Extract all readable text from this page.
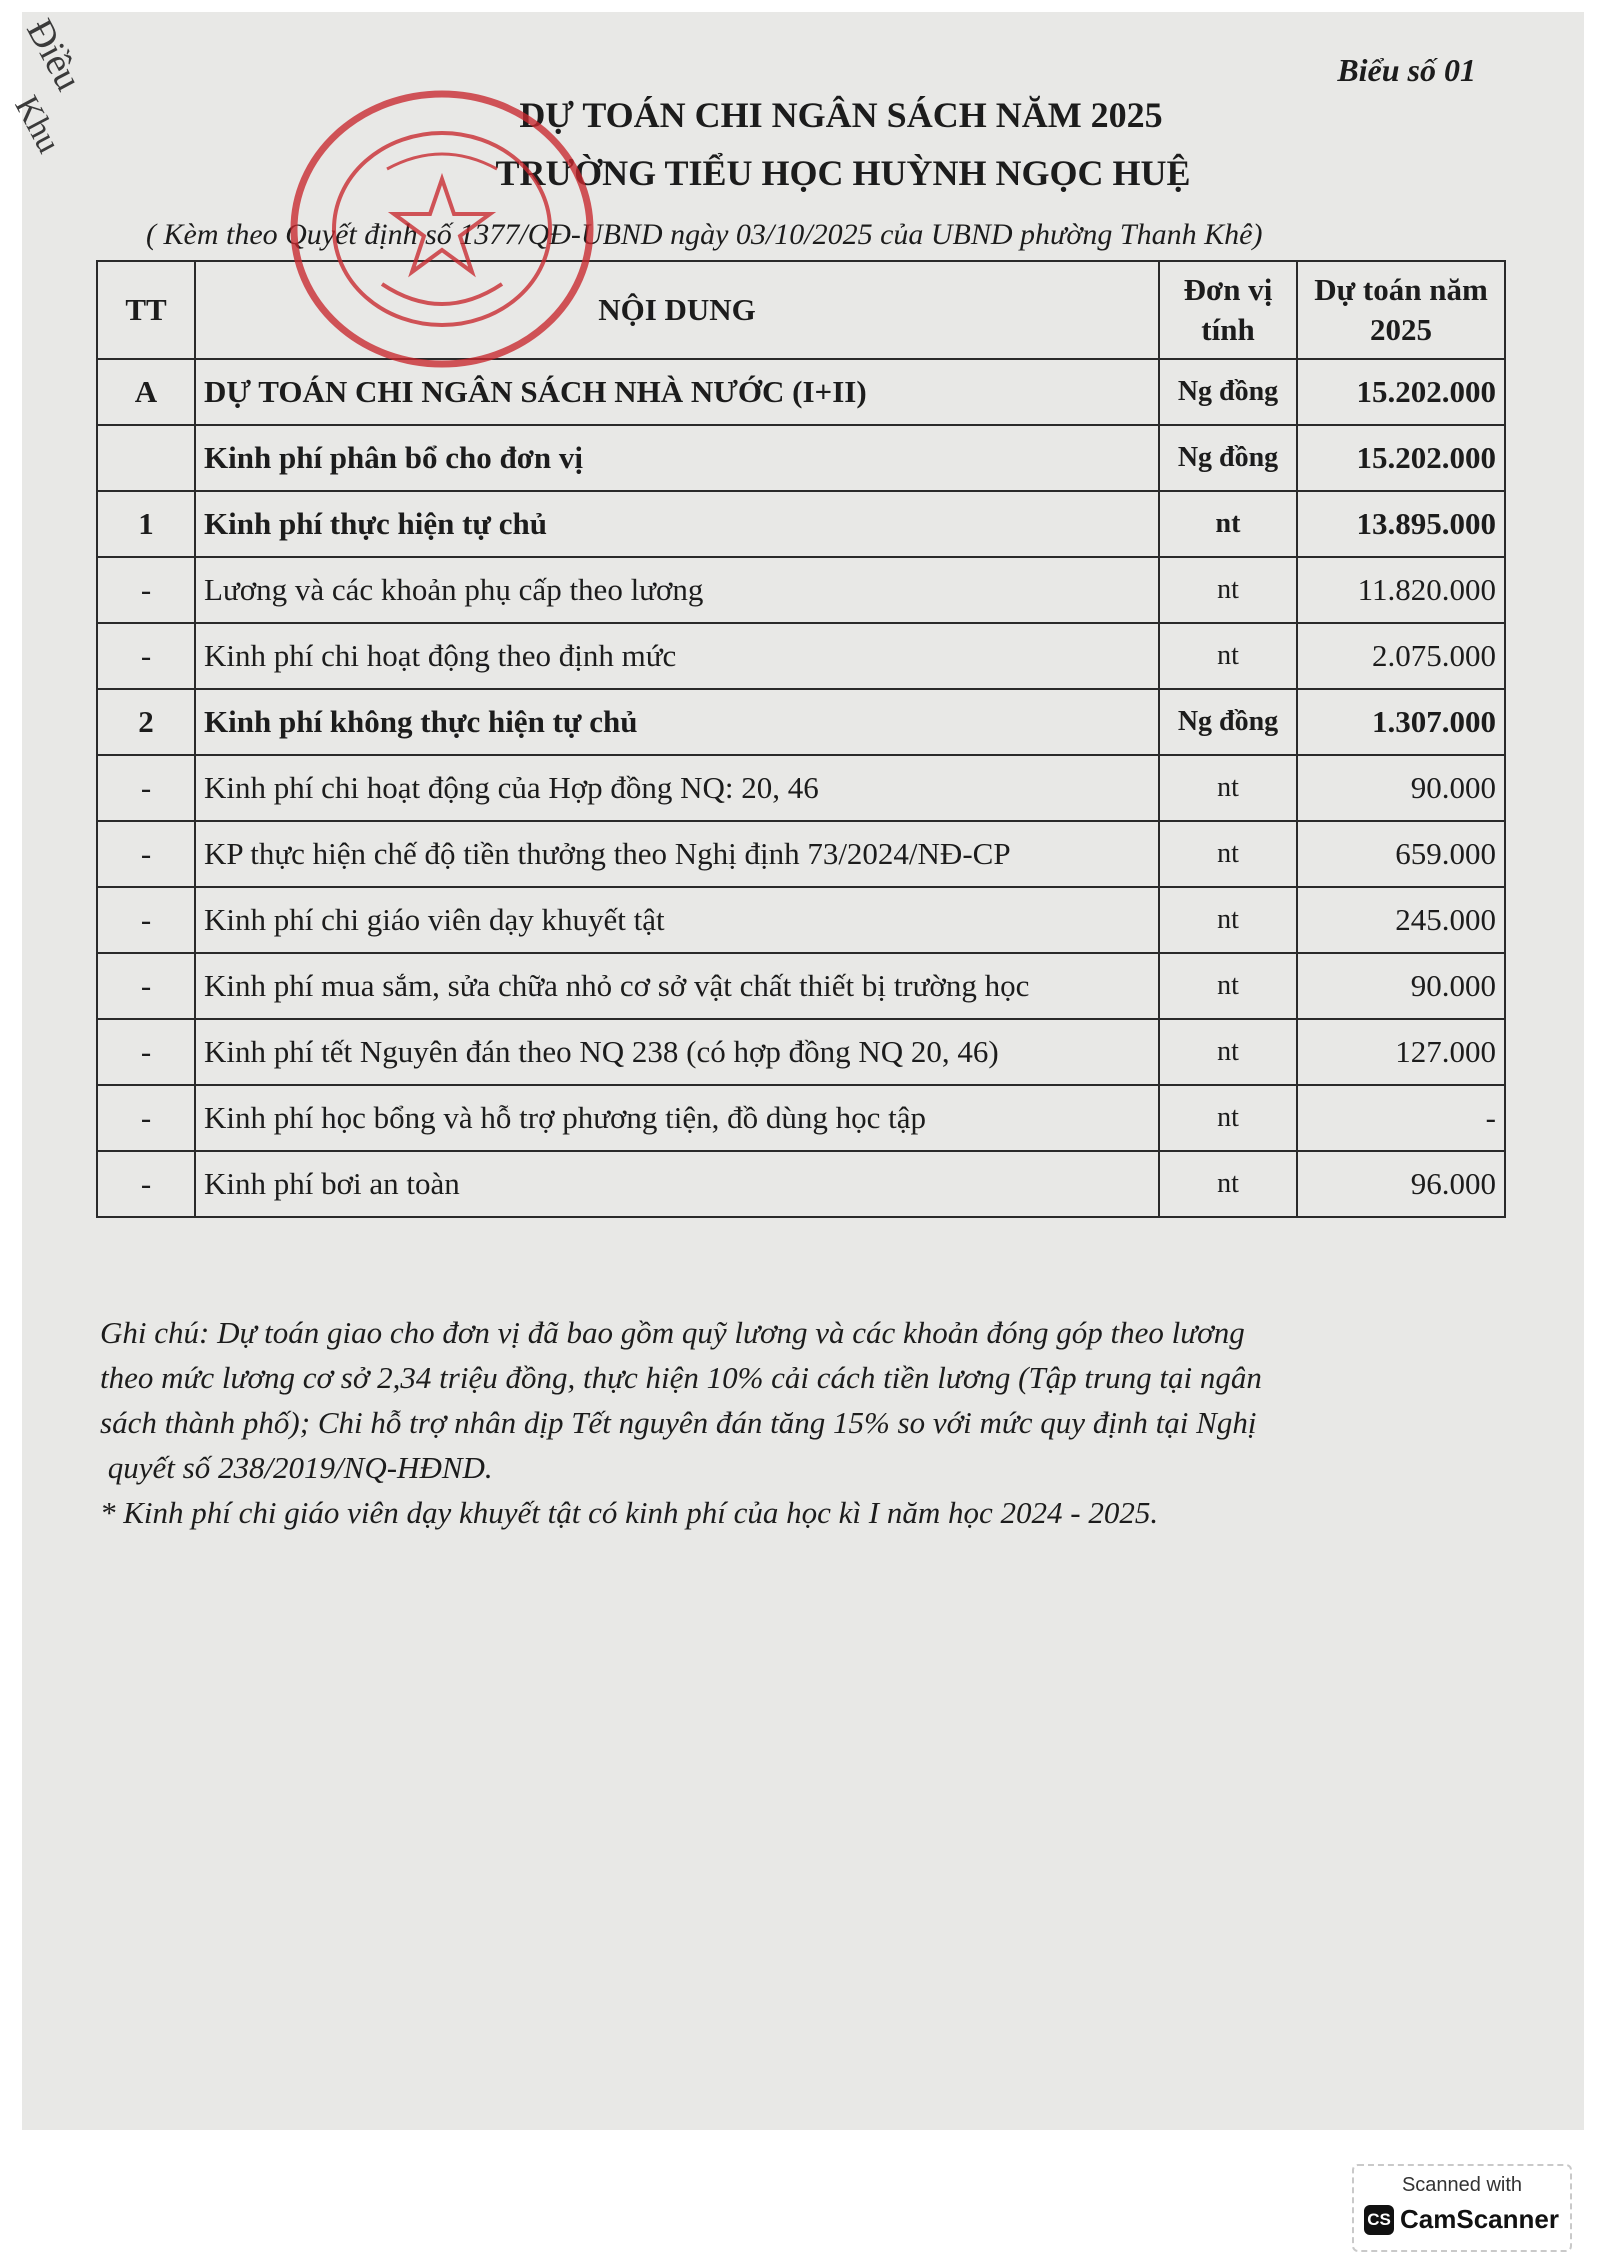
Điều
Khu
Biểu số 01
DỰ TOÁN CHI NGÂN SÁCH NĂM 2025
TRƯỜNG TIỂU HỌC HUỲNH NGỌC HUỆ
( Kèm theo Quyết định số 1377/QĐ-UBND ngày 03/10/2025 của UBND phường Thanh Khê)
TT	NỘI DUNG	Đơn vị tính	Dự toán năm 2025
A	DỰ TOÁN CHI NGÂN SÁCH NHÀ NƯỚC (I+II)	Ng đồng	15.202.000
	Kinh phí phân bổ cho đơn vị	Ng đồng	15.202.000
1	Kinh phí thực hiện tự chủ	nt	13.895.000
-	Lương và các khoản phụ cấp theo lương	nt	11.820.000
-	Kinh phí chi hoạt động theo định mức	nt	2.075.000
2	Kinh phí không thực hiện tự chủ	Ng đồng	1.307.000
-	Kinh phí chi hoạt động của Hợp đồng NQ: 20, 46	nt	90.000
-	KP thực hiện chế độ tiền thưởng theo Nghị định 73/2024/NĐ-CP	nt	659.000
-	Kinh phí chi giáo viên dạy khuyết tật	nt	245.000
-	Kinh phí mua sắm, sửa chữa nhỏ cơ sở vật chất thiết bị trường học	nt	90.000
-	Kinh phí tết Nguyên đán theo NQ 238 (có hợp đồng NQ 20, 46)	nt	127.000
-	Kinh phí học bổng và hỗ trợ phương tiện, đồ dùng học tập	nt	-
-	Kinh phí bơi an toàn	nt	96.000

Ghi chú: Dự toán giao cho đơn vị đã bao gồm quỹ lương và các khoản đóng góp theo lương

theo mức lương cơ sở 2,34 triệu đồng, thực hiện 10% cải cách tiền lương (Tập trung tại ngân

sách thành phố); Chi hỗ trợ nhân dịp Tết nguyên đán tăng 15% so với mức quy định tại Nghị

quyết số 238/2019/NQ-HĐND.

* Kinh phí chi giáo viên dạy khuyết tật có kinh phí của học kì I năm học 2024 - 2025.

Scanned with
CS CamScanner
